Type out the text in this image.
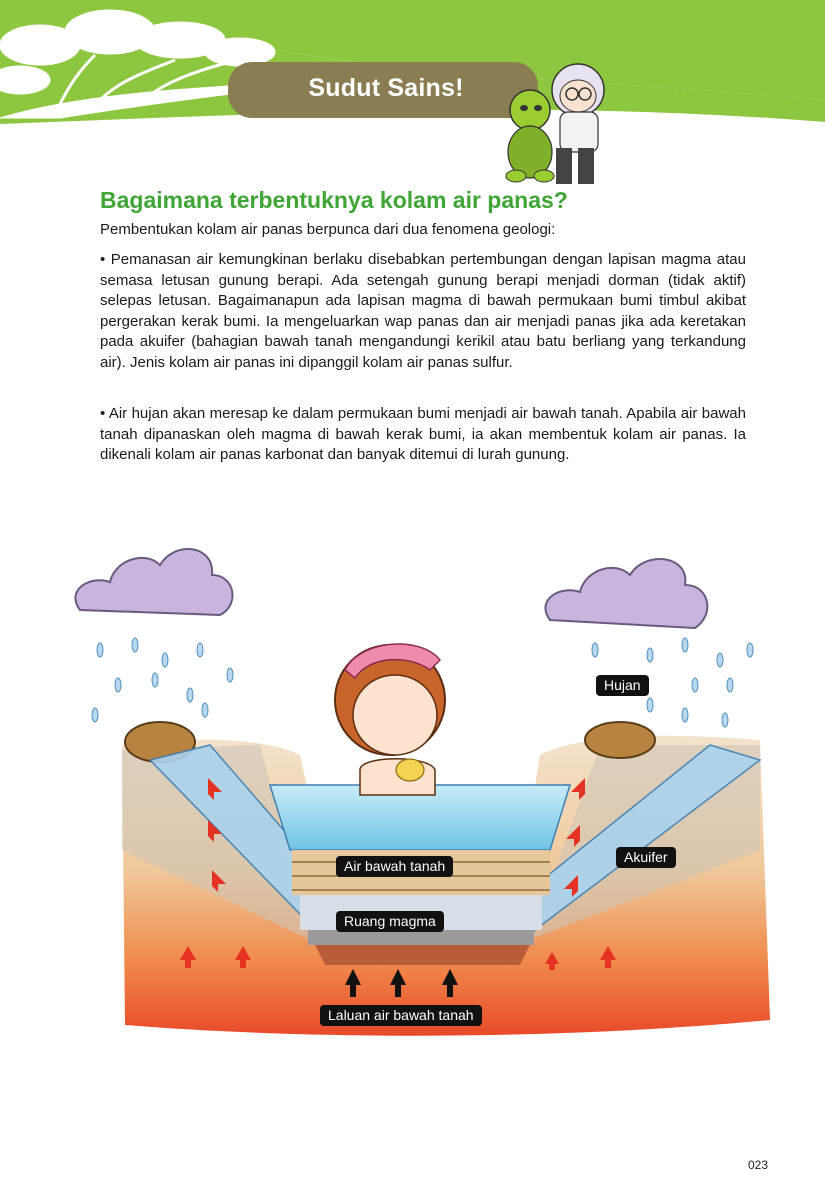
Sudut Sains!
Bagaimana terbentuknya kolam air panas?

Pembentukan kolam air panas berpunca dari dua fenomena geologi:

• Pemanasan air kemungkinan berlaku disebabkan pertembungan dengan lapisan magma atau semasa letusan gunung berapi. Ada setengah gunung berapi menjadi dorman (tidak aktif) selepas letusan. Bagaimanapun ada lapisan magma di bawah permukaan bumi timbul akibat pergerakan kerak bumi. Ia mengeluarkan wap panas dan air menjadi panas jika ada keretakan pada akuifer (bahagian bawah tanah mengandungi kerikil atau batu berliang yang terkandung air). Jenis kolam air panas ini dipanggil kolam air panas sulfur.

• Air hujan akan meresap ke dalam permukaan bumi menjadi air bawah tanah. Apabila air bawah tanah dipanaskan oleh magma di bawah kerak bumi, ia akan membentuk kolam air panas. Ia dikenali kolam air panas karbonat dan banyak ditemui di lurah gunung.

Hujan
Akuifer
Air bawah tanah
Ruang magma
Laluan air bawah tanah
023
